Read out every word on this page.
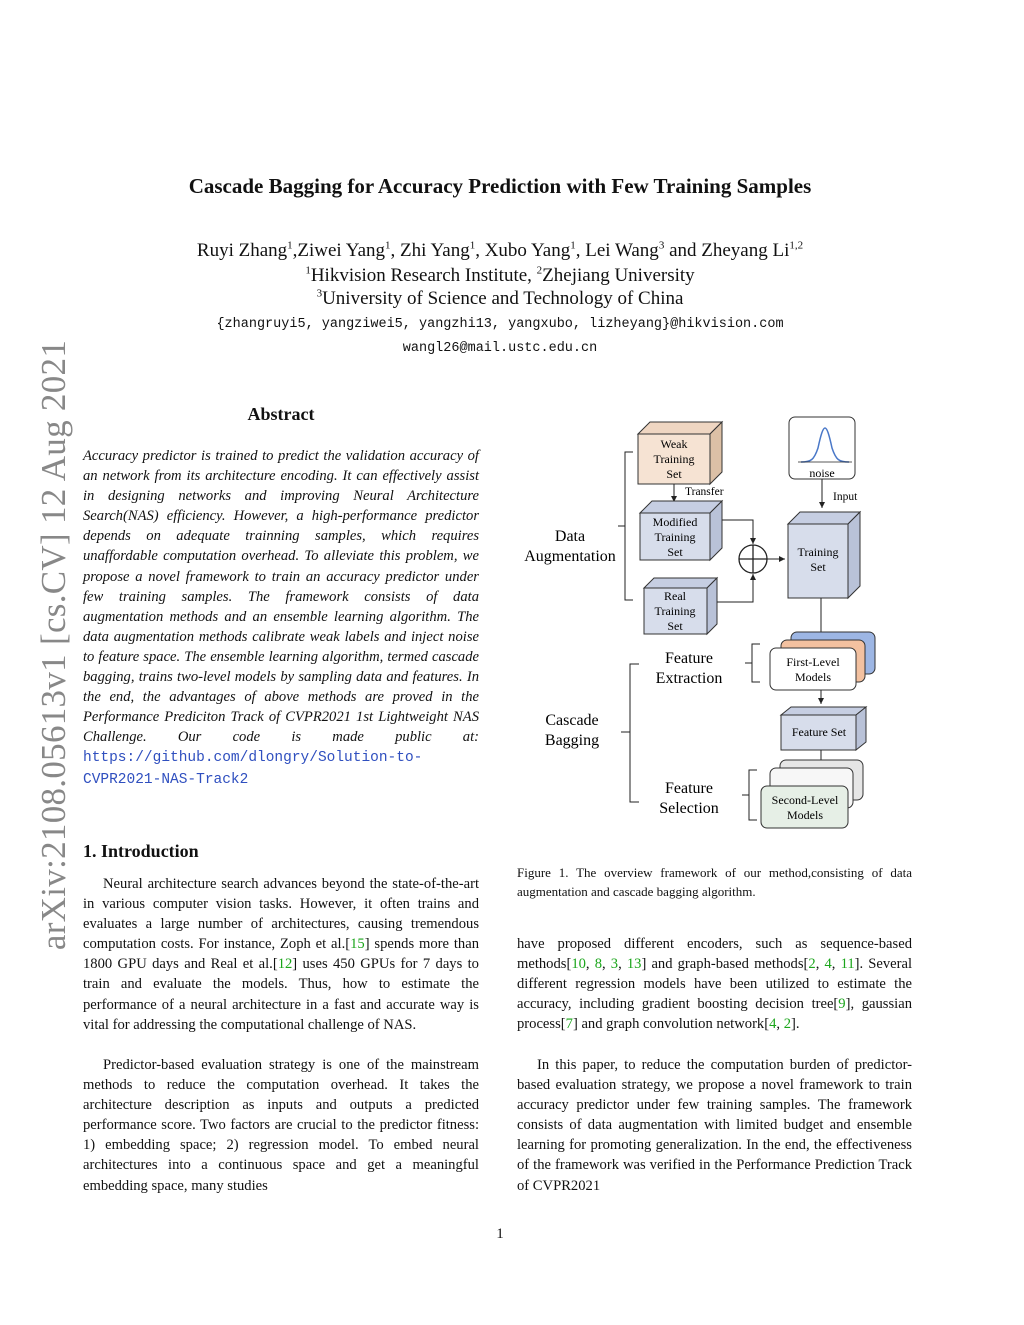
arXiv:2108.05613v1 [cs.CV] 12 Aug 2021
Cascade Bagging for Accuracy Prediction with Few Training Samples
Ruyi Zhang$^1$,Ziwei Yang$^1$, Zhi Yang$^1$, Xubo Yang$^1$, Lei Wang$^3$ and Zheyang Li$^{1,2}$
$^1$Hikvision Research Institute, $^2$Zhejiang University
$^3$University of Science and Technology of China
{zhangruyi5, yangziwei5, yangzhi13, yangxubo, lizheyang}@hikvision.com
wangl26@mail.ustc.edu.cn
Abstract
Accuracy predictor is trained to predict the validation accuracy of an network from its architecture encoding. It can effectively assist in designing networks and improving Neural Architecture Search(NAS) efficiency. However, a high-performance predictor depends on adequate trainning samples, which requires unaffordable computation overhead. To alleviate this problem, we propose a novel framework to train an accuracy predictor under few training samples. The framework consists of data augmentation methods and an ensemble learning algorithm. The data augmentation methods calibrate weak labels and inject noise to feature space. The ensemble learning algorithm, termed cascade bagging, trains two-level models by sampling data and features. In the end, the advantages of above methods are proved in the Performance Prediciton Track of CVPR2021 1st Lightweight NAS Challenge. Our code is made public at: https://github.com/dlongry/Solution-to-CVPR2021-NAS-Track2
1. Introduction
Neural architecture search advances beyond the state-of-the-art in various computer vision tasks. However, it often trains and evaluates a large number of architectures, causing tremendous computation costs. For instance, Zoph et al.[15] spends more than 1800 GPU days and Real et al.[12] uses 450 GPUs for 7 days to train and evaluate the models. Thus, how to estimate the performance of a neural architecture in a fast and accurate way is vital for addressing the computational challenge of NAS.
Predictor-based evaluation strategy is one of the mainstream methods to reduce the computation overhead. It takes the architecture description as inputs and outputs a predicted performance score. Two factors are crucial to the predictor fitness: 1) embedding space; 2) regression model. To embed neural architectures into a continuous space and get a meaningful embedding space, many studies
Weak
Training
Set
Transfer
Modified
Training
Set
Real
Training
Set
Data
Augmentation
noise
Input
Training
Set
First-Level
Models
Feature
Extraction
Feature Set
Second-Level
Models
Feature
Selection
Cascade
Bagging
Figure 1. The overview framework of our method,consisting of data augmentation and cascade bagging algorithm.
have proposed different encoders, such as sequence-based methods[10, 8, 3, 13] and graph-based methods[2, 4, 11]. Several different regression models have been utilized to estimate the accuracy, including gradient boosting decision tree[9], gaussian process[7] and graph convolution network[4, 2].
In this paper, to reduce the computation burden of predictor-based evaluation strategy, we propose a novel framework to train accuracy predictor under few training samples. The framework consists of data augmentation with limited budget and ensemble learning for promoting generalization. In the end, the effectiveness of the framework was verified in the Performance Prediction Track of CVPR2021
1
